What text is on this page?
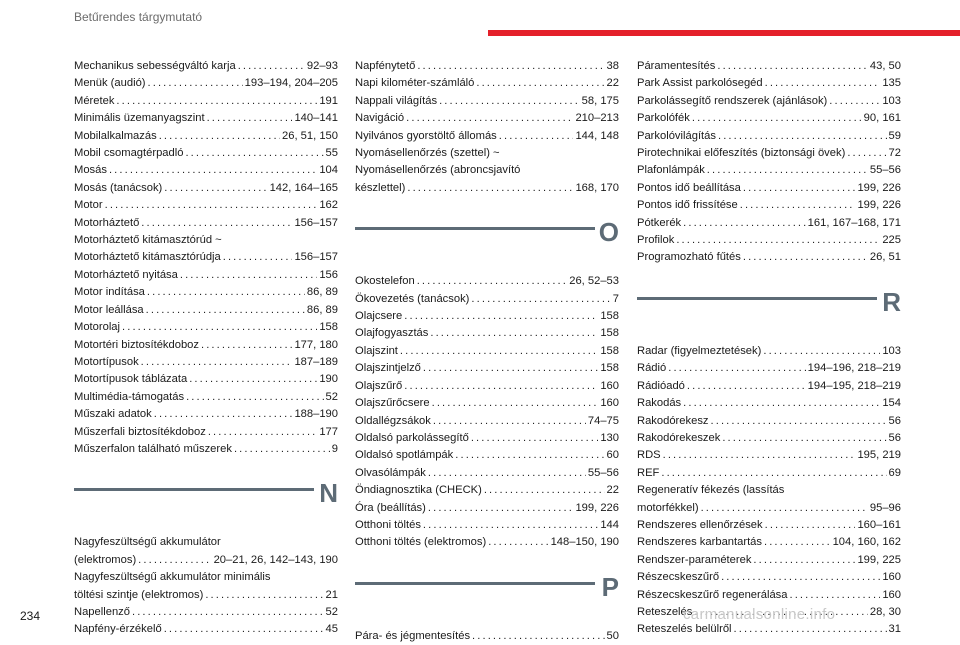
Betűrendes tárgymutató
Mechanikus sebességváltó karja . . .	92–93
Menük (audió) . . .	193–194, 204–205
Méretek . . .	191
Minimális üzemanyagszint . . .	140–141
Mobilalkalmazás . . .	26, 51, 150
Mobil csomagtérpadló . . .	55
Mosás . . .	104
Mosás (tanácsok) . . .	142, 164–165
Motor . . .	162
Motorháztető . . .	156–157
Motorháztető kitámasztórúd ~
Motorháztető kitámasztórúdja . . .	156–157
Motorháztető nyitása . . .	156
Motor indítása . . .	86, 89
Motor leállása . . .	86, 89
Motorolaj . . .	158
Motortéri biztosítékdoboz . . .	177, 180
Motortípusok . . .	187–189
Motortípusok táblázata . . .	190
Multimédia-támogatás . . .	52
Műszaki adatok . . .	188–190
Műszerfali biztosítékdoboz . . .	177
Műszerfalon található műszerek . . .	9
N
Nagyfeszültségű akkumulátor
(elektromos) . . .	20–21, 26, 142–143, 190
Nagyfeszültségű akkumulátor minimális
töltési szintje (elektromos) . . .	21
Napellenző . . .	52
Napfény-érzékelő . . .	45
Napfénytető . . .	38
Napi kilométer-számláló . . .	22
Nappali világítás . . .	58, 175
Navigáció . . .	210–213
Nyilvános gyorstöltő állomás . . .	144, 148
Nyomásellenőrzés (szettel) ~
Nyomásellenőrzés (abroncsjavító
készlettel) . . .	168, 170
O
Okostelefon . . .	26, 52–53
Ökovezetés (tanácsok) . . .	7
Olajcsere . . .	158
Olajfogyasztás . . .	158
Olajszint . . .	158
Olajszintjelző . . .	158
Olajszűrő . . .	160
Olajszűrőcsere . . .	160
Oldallégzsákok . . .	74–75
Oldalsó parkolássegítő . . .	130
Oldalsó spotlámpák . . .	60
Olvasólámpák . . .	55–56
Öndiagnosztika (CHECK) . . .	22
Óra (beállítás) . . .	199, 226
Otthoni töltés . . .	144
Otthoni töltés (elektromos) . . .	148–150, 190
P
Pára- és jégmentesítés . . .	50
Páramentesítés . . .	43, 50
Park Assist parkolósegéd . . .	135
Parkolássegítő rendszerek (ajánlások) . . .	103
Parkolófék . . .	90, 161
Parkolóvilágítás . . .	59
Pirotechnikai előfeszítés (biztonsági övek) . . .	72
Plafonlámpák . . .	55–56
Pontos idő beállítása . . .	199, 226
Pontos idő frissítése . . .	199, 226
Pótkerék . . .	161, 167–168, 171
Profilok . . .	225
Programozható fűtés . . .	26, 51
R
Radar (figyelmeztetések) . . .	103
Rádió . . .	194–196, 218–219
Rádióadó . . .	194–195, 218–219
Rakodás . . .	154
Rakodórekesz . . .	56
Rakodórekeszek . . .	56
RDS . . .	195, 219
REF . . .	69
Regeneratív fékezés (lassítás
motorfékkel) . . .	95–96
Rendszeres ellenőrzések . . .	160–161
Rendszeres karbantartás . . .	104, 160, 162
Rendszer-paraméterek . . .	199, 225
Részecskeszűrő . . .	160
Részecskeszűrő regenerálása . . .	160
Reteszelés . . .	28, 30
Reteszelés belülről . . .	31
234	carmanualsonline.info
